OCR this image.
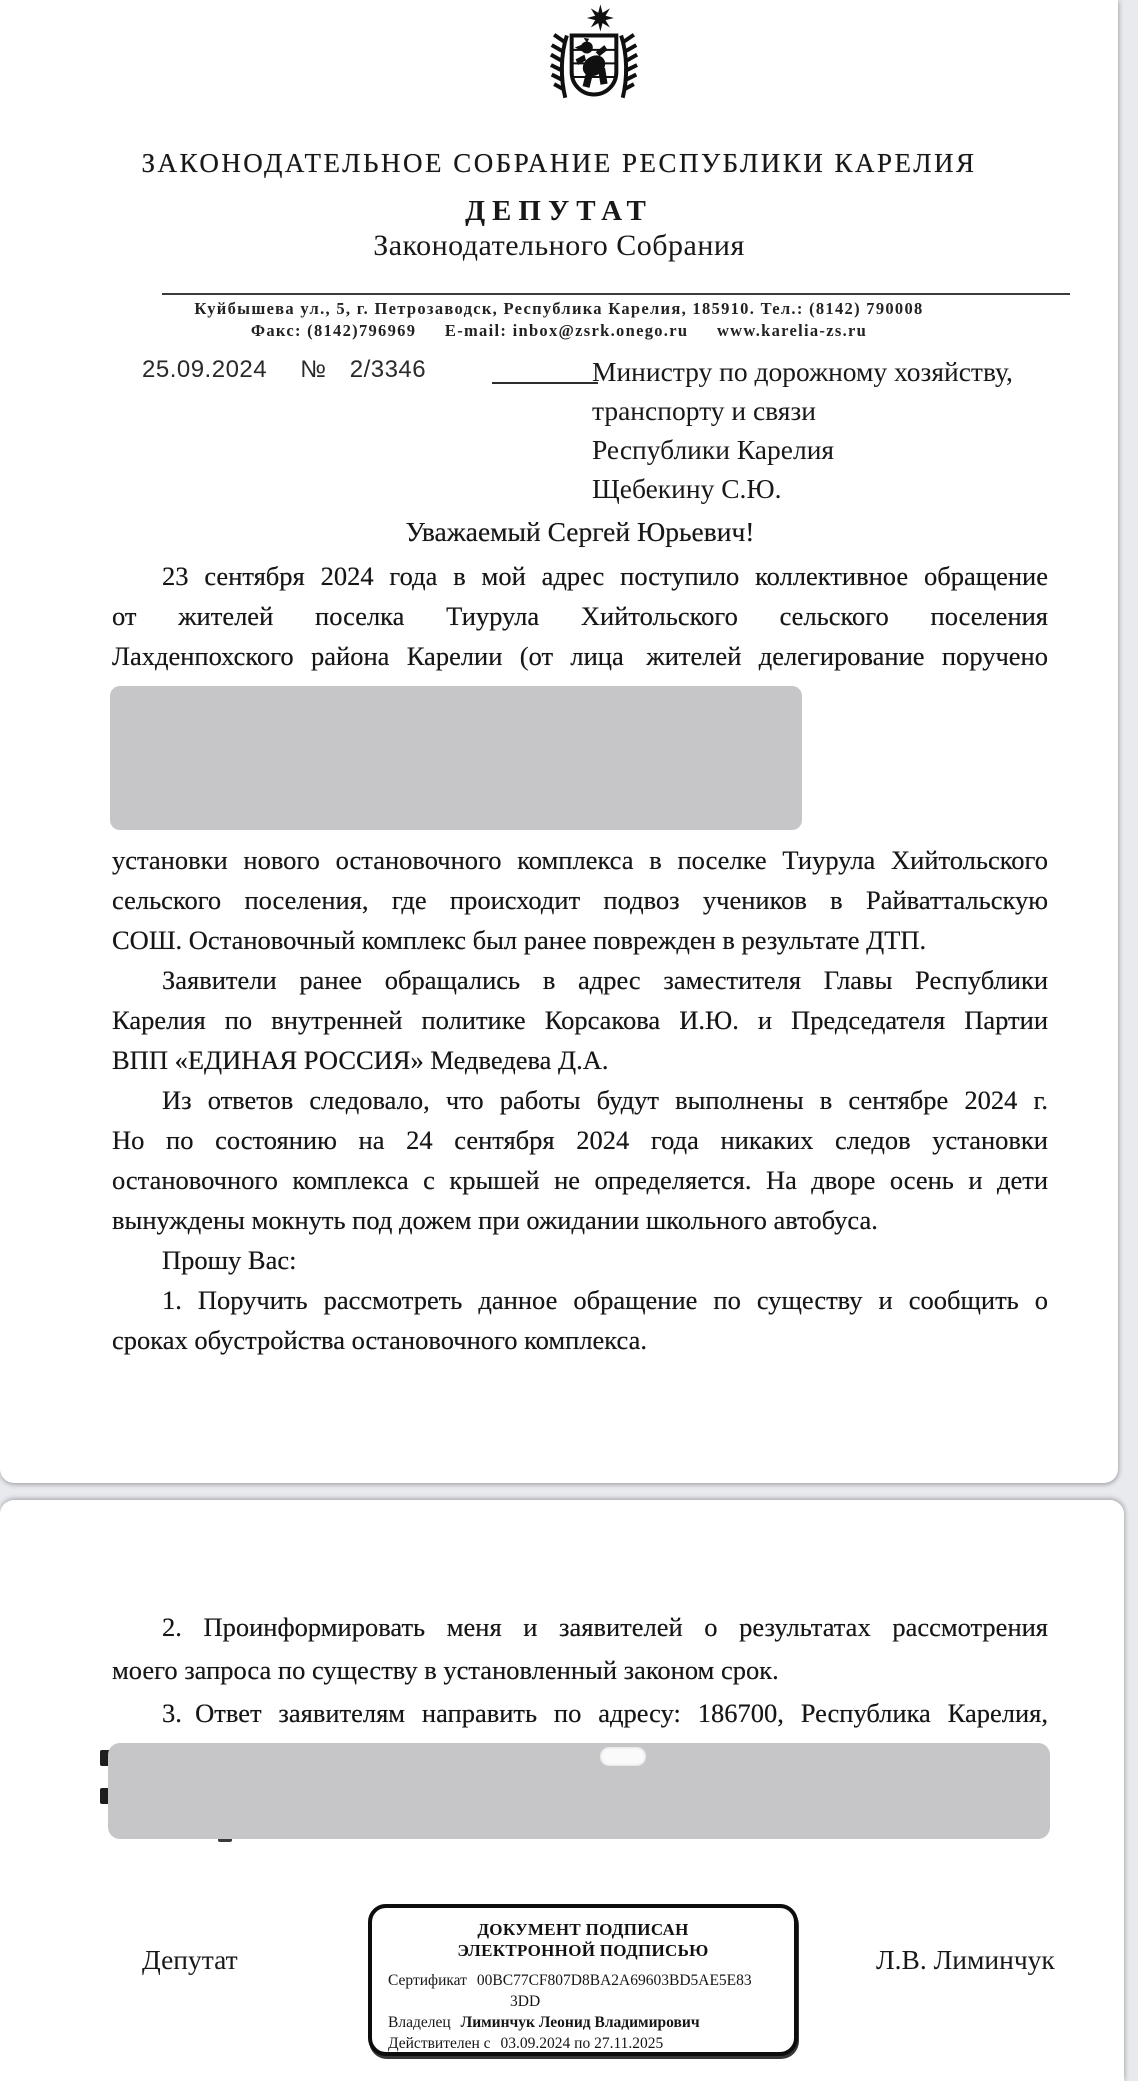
ЗАКОНОДАТЕЛЬНОЕ СОБРАНИЕ РЕСПУБЛИКИ КАРЕЛИЯ
ДЕПУТАТ
Законодательного Собрания
Куйбышева ул., 5, г. Петрозаводск, Республика Карелия, 185910. Тел.: (8142) 790008
Факс: (8142)796969   E-mail: inbox@zsrk.onego.ru   www.karelia-zs.ru
25.09.2024 № 2/3346	Министру по дорожному хозяйству,
транспорту и связи
Республики Карелия
Щебекину С.Ю.
Уважаемый Сергей Юрьевич!
23 сентября 2024 года в мой адрес поступило коллективное обращение
от жителей поселка Тиурула Хийтольского сельского поселения
Лахденпохского района Карелии (от лица  жителей делегирование поручено
установки нового остановочного комплекса в поселке Тиурула Хийтольского
сельского поселения, где происходит подвоз учеников в Райваттальскую
СОШ. Остановочный комплекс был ранее поврежден в результате ДТП.
Заявители ранее обращались в адрес заместителя Главы Республики
Карелия по внутренней политике Корсакова И.Ю. и Председателя Партии
ВПП «ЕДИНАЯ РОССИЯ» Медведева Д.А.
Из ответов следовало, что работы будут выполнены в сентябре 2024 г.
Но по состоянию на 24 сентября 2024 года никаких следов установки
остановочного комплекса с крышей не определяется. На дворе осень и дети
вынуждены мокнуть под дожем при ожидании школьного автобуса.
Прошу Вас:
1. Поручить рассмотреть данное обращение по существу и сообщить о
сроках обустройства остановочного комплекса.
2. Проинформировать меня и заявителей о результатах рассмотрения
моего запроса по существу в установленный законом срок.
3. Ответ заявителям направить по адресу: 186700, Республика Карелия,
Депутат
ДОКУМЕНТ ПОДПИСАН
ЭЛЕКТРОННОЙ ПОДПИСЬЮ
Сертификат 00BC77CF807D8BA2A69603BD5AE5E83
3DD
Владелец Лиминчук Леонид Владимирович
Действителен с 03.09.2024 по 27.11.2025
Л.В. Лиминчук
